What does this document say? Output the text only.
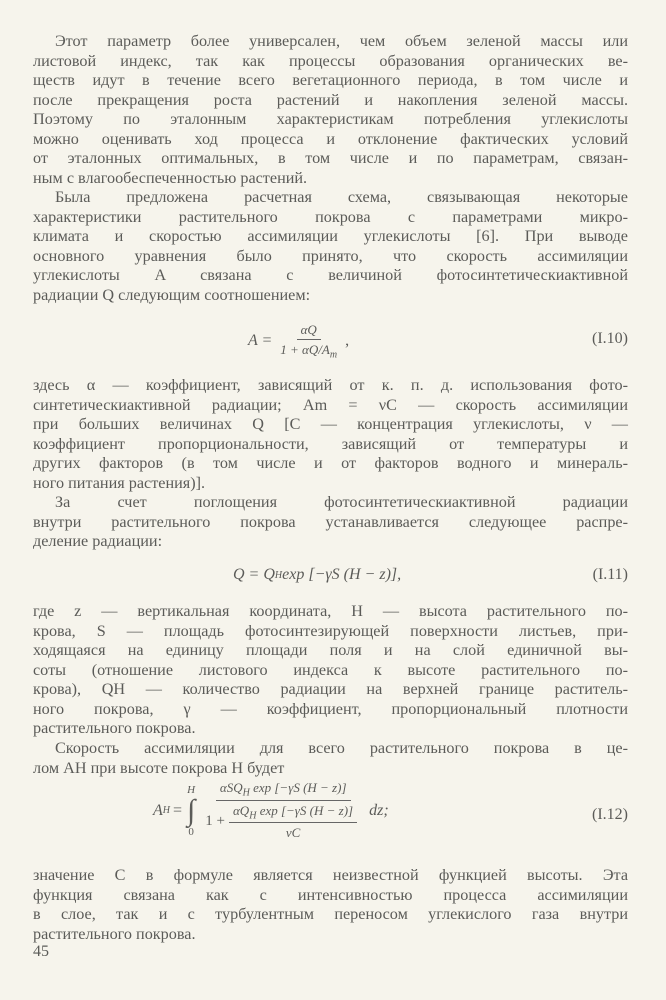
Этот параметр более универсален, чем объем зеленой массы или
листовой индекс, так как процессы образования органических ве-
ществ идут в течение всего вегетационного периода, в том числе и
после прекращения роста растений и накопления зеленой массы.
Поэтому по эталонным характеристикам потребления углекислоты
можно оценивать ход процесса и отклонение фактических условий
от эталонных оптимальных, в том числе и по параметрам, связан-
ным с влагообеспеченностью растений.
Была предложена расчетная схема, связывающая некоторые
характеристики растительного покрова с параметрами микро-
климата и скоростью ассимиляции углекислоты [6]. При выводе
основного уравнения было принято, что скорость ассимиляции
углекислоты A связана с величиной фотосинтетическиактивной
радиации Q следующим соотношением:
$A = \frac{\alpha Q}{1 + \alpha Q/A_m}$ ,	(I.10)
здесь α — коэффициент, зависящий от к. п. д. использования фото-
синтетическиактивной радиации; Am = νC — скорость ассимиляции
при больших величинах Q [C — концентрация углекислоты, ν —
коэффициент пропорциональности, зависящий от температуры и
других факторов (в том числе и от факторов водного и минераль-
ного питания растения)].
За счет поглощения фотосинтетическиактивной радиации
внутри растительного покрова устанавливается следующее распре-
деление радиации:
Q = Q H exp [−γS (H − z)],	(I.11)
где z — вертикальная координата, H — высота растительного по-
крова, S — площадь фотосинтезирующей поверхности листьев, при-
ходящаяся на единицу площади поля и на слой единичной вы-
соты (отношение листового индекса к высоте растительного по-
крова), QH — количество радиации на верхней границе раститель-
ного покрова, γ — коэффициент, пропорциональный плотности
растительного покрова.
Скорость ассимиляции для всего растительного покрова в це-
лом AH при высоте покрова H будет
A H =
H
∫
$0 \frac{\alpha SQ_H \exp [-\gamma S (H - z)]}{1 + \frac{\alpha Q_H \exp [-\gamma S (H - z)]}{\nu C}}$ dz;	(I.12)
значение C в формуле является неизвестной функцией высоты. Эта
функция связана как с интенсивностью процесса ассимиляции
в слое, так и с турбулентным переносом углекислого газа внутри
растительного покрова.
45
